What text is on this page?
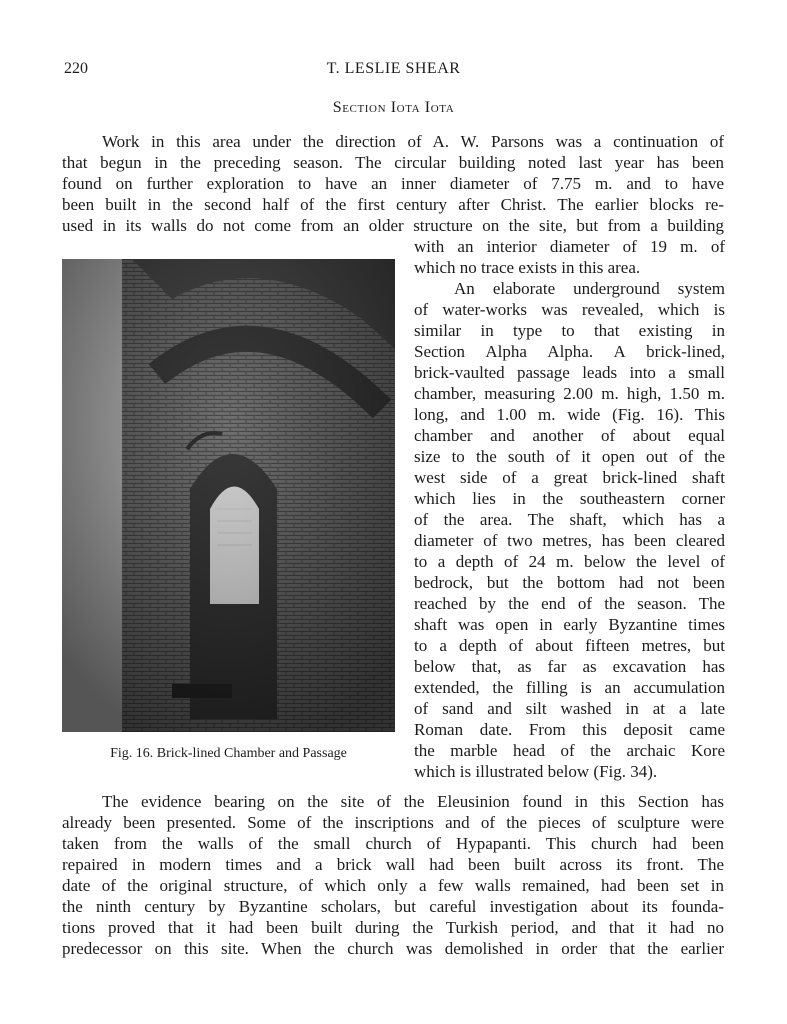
220	T. LESLIE SHEAR
Section Iota Iota

Work in this area under the direction of A. W. Parsons was a continuation of
that begun in the preceding season. The circular building noted last year has been
found on further exploration to have an inner diameter of 7.75 m. and to have
been built in the second half of the first century after Christ. The earlier blocks re-
used in its walls do not come from an older structure on the site, but from a building

Fig. 16. Brick-lined Chamber and Passage
with an interior diameter of 19 m. of
which no trace exists in this area.
An elaborate underground system
of water-works was revealed, which is
similar in type to that existing in
Section Alpha Alpha. A brick-lined,
brick-vaulted passage leads into a small
chamber, measuring 2.00 m. high, 1.50 m.
long, and 1.00 m. wide (Fig. 16). This
chamber and another of about equal
size to the south of it open out of the
west side of a great brick-lined shaft
which lies in the southeastern corner
of the area. The shaft, which has a
diameter of two metres, has been cleared
to a depth of 24 m. below the level of
bedrock, but the bottom had not been
reached by the end of the season. The
shaft was open in early Byzantine times
to a depth of about fifteen metres, but
below that, as far as excavation has
extended, the filling is an accumulation
of sand and silt washed in at a late
Roman date. From this deposit came
the marble head of the archaic Kore
which is illustrated below (Fig. 34).

The evidence bearing on the site of the Eleusinion found in this Section has
already been presented. Some of the inscriptions and of the pieces of sculpture were
taken from the walls of the small church of Hypapanti. This church had been
repaired in modern times and a brick wall had been built across its front. The
date of the original structure, of which only a few walls remained, had been set in
the ninth century by Byzantine scholars, but careful investigation about its founda-
tions proved that it had been built during the Turkish period, and that it had no
predecessor on this site. When the church was demolished in order that the earlier
